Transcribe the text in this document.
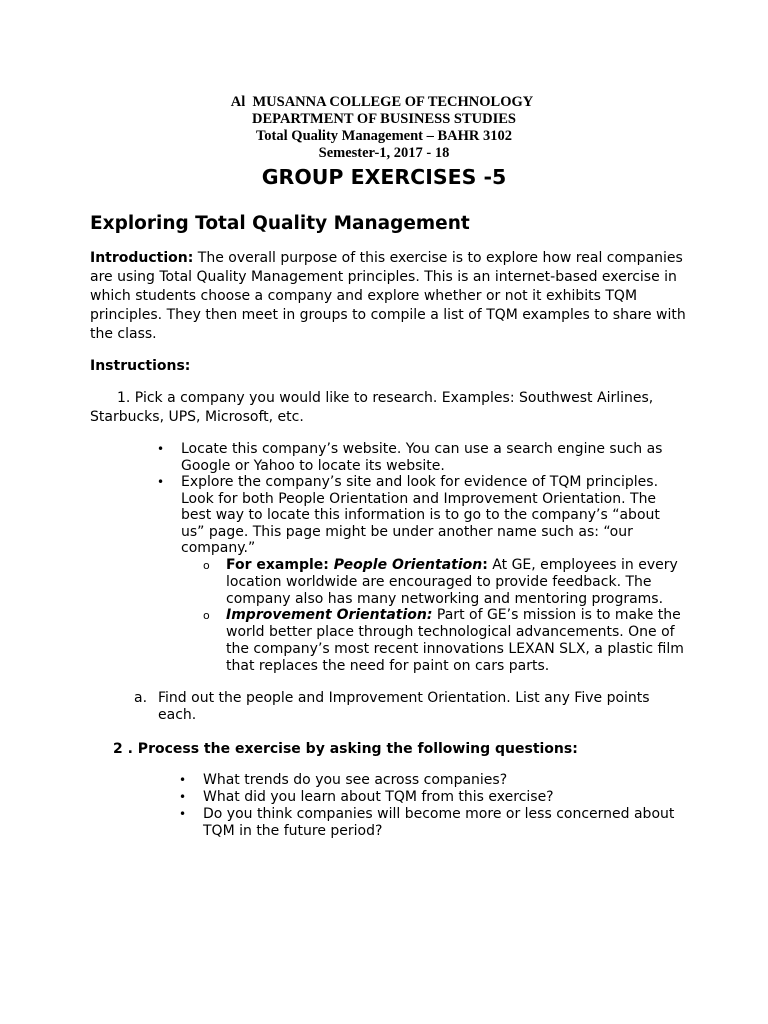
Al  MUSANNA COLLEGE OF TECHNOLOGY
DEPARTMENT OF BUSINESS STUDIES
Total Quality Management – BAHR 3102
Semester-1, 2017 - 18
GROUP EXERCISES -5
Exploring Total Quality Management
Introduction: The overall purpose of this exercise is to explore how real companies are using Total Quality Management principles. This is an internet-based exercise in which students choose a company and explore whether or not it exhibits TQM principles. They then meet in groups to compile a list of TQM examples to share with the class.
Instructions:
1. Pick a company you would like to research. Examples: Southwest Airlines, Starbucks, UPS, Microsoft, etc.
• Locate this company’s website. You can use a search engine such as Google or Yahoo to locate its website.
• Explore the company’s site and look for evidence of TQM principles. Look for both People Orientation and Improvement Orientation. The best way to locate this information is to go to the company’s “about us” page. This page might be under another name such as: “our company.”
o For example: People Orientation: At GE, employees in every location worldwide are encouraged to provide feedback. The company also has many networking and mentoring programs.
o Improvement Orientation: Part of GE’s mission is to make the world better place through technological advancements. One of the company’s most recent innovations LEXAN SLX, a plastic film that replaces the need for paint on cars parts.
a. Find out the people and Improvement Orientation. List any Five points each.
2 . Process the exercise by asking the following questions:
• What trends do you see across companies?
• What did you learn about TQM from this exercise?
• Do you think companies will become more or less concerned about TQM in the future period?
